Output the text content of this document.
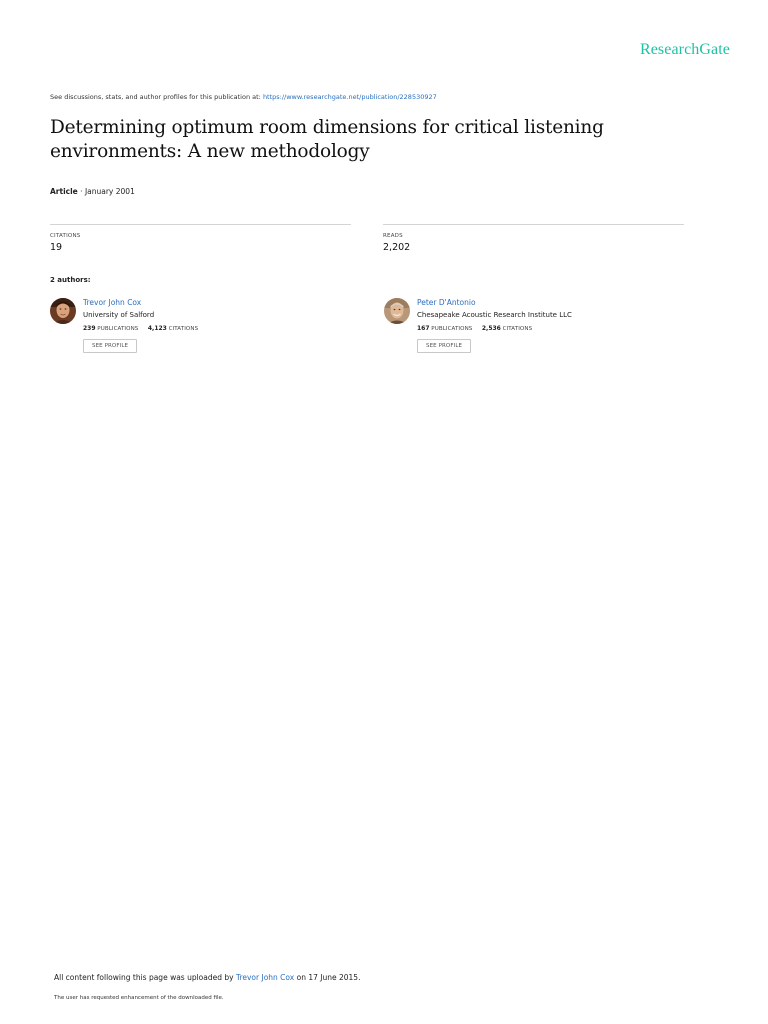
ResearchGate
See discussions, stats, and author profiles for this publication at: https://www.researchgate.net/publication/228530927
Determining optimum room dimensions for critical listening environments: A new methodology
Article · January 2001
CITATIONS
19
READS
2,202
2 authors:
Trevor John Cox
University of Salford
239 PUBLICATIONS 4,123 CITATIONS
SEE PROFILE
Peter D'Antonio
Chesapeake Acoustic Research Institute LLC
167 PUBLICATIONS 2,536 CITATIONS
SEE PROFILE
All content following this page was uploaded by Trevor John Cox on 17 June 2015.
The user has requested enhancement of the downloaded file.
